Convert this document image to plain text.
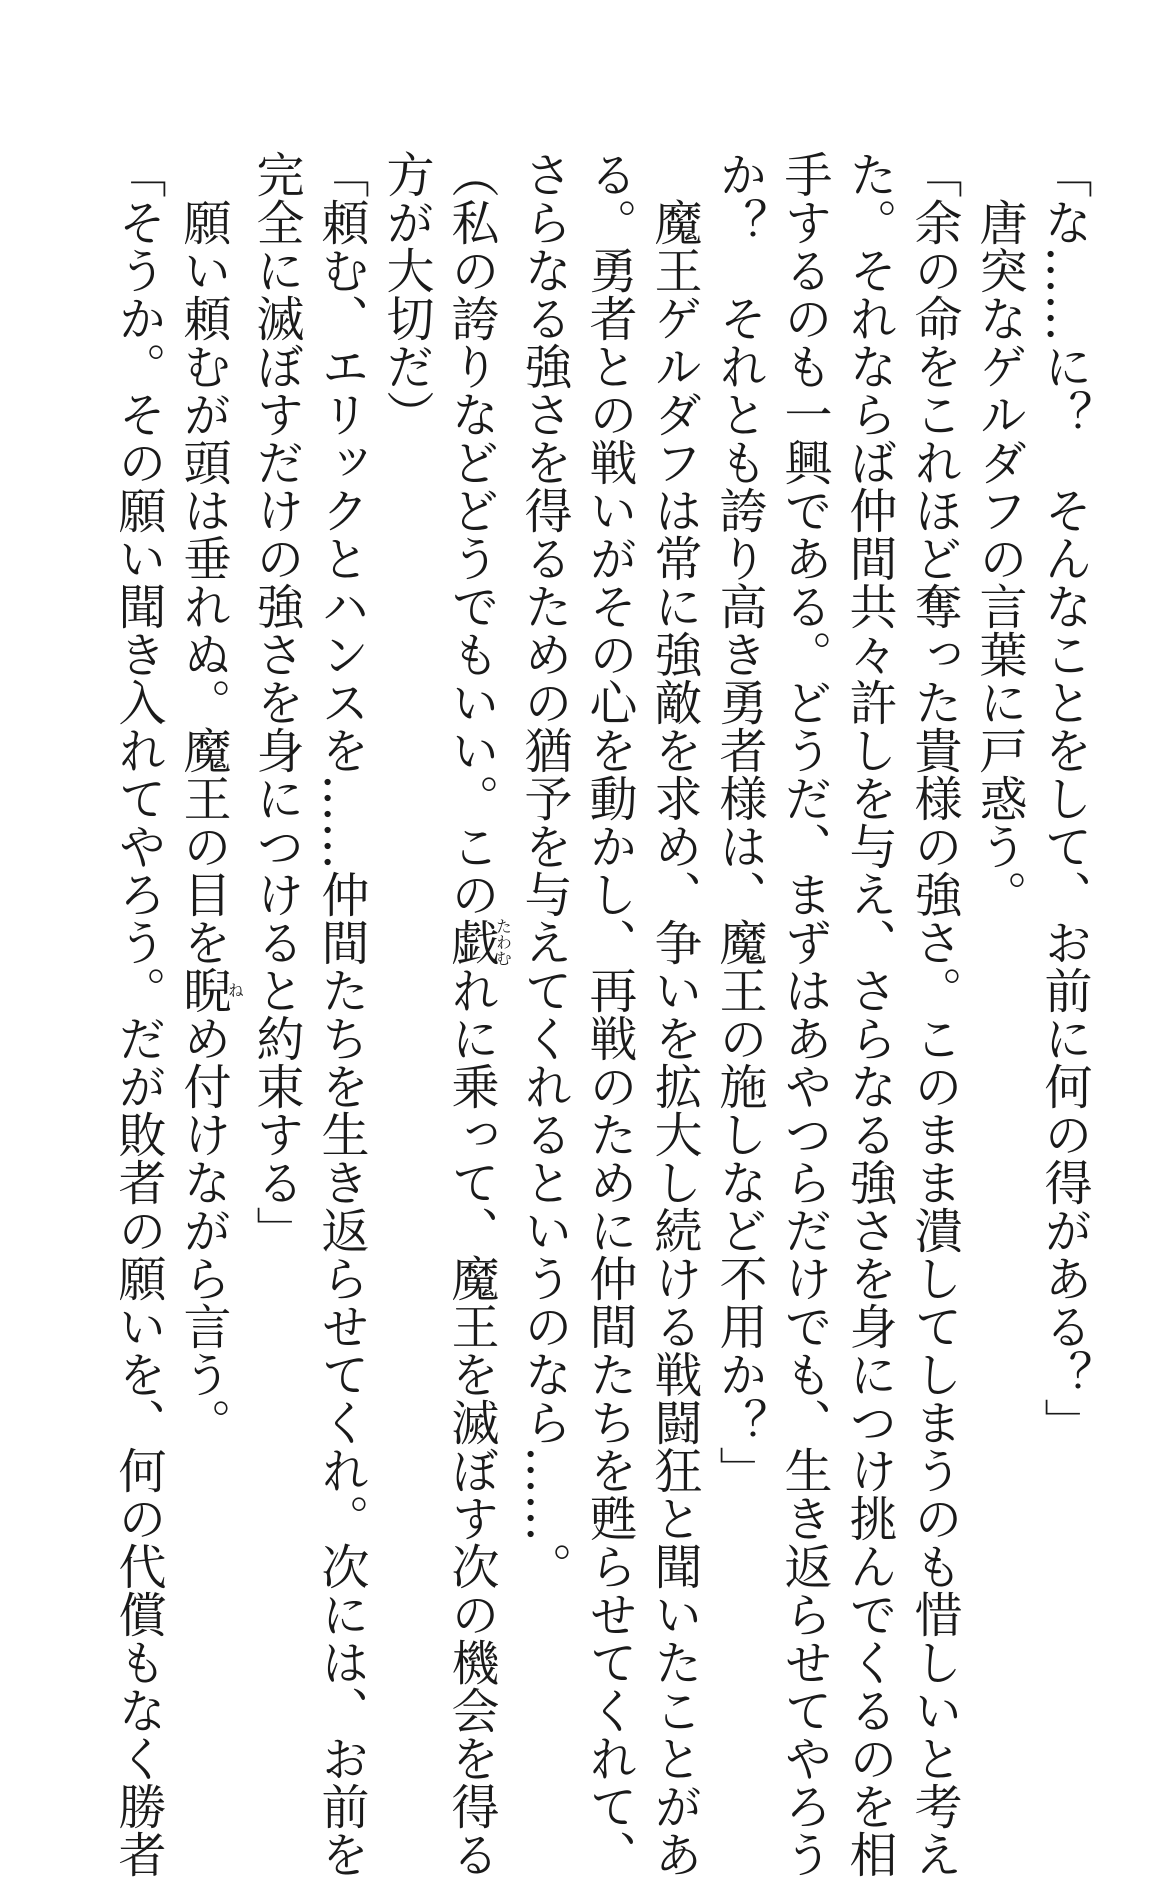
「な……に？　そんなことをして、お前に何の得がある？」
　唐突なゲルダフの言葉に戸惑う。
「余の命をこれほど奪った貴様の強さ。このまま潰してしまうのも惜しいと考え
た。それならば仲間共々許しを与え、さらなる強さを身につけ挑んでくるのを相
手するのも一興である。どうだ、まずはあやつらだけでも、生き返らせてやろう
か？　それとも誇り高き勇者様は、魔王の施しなど不用か？」
　魔王ゲルダフは常に強敵を求め、争いを拡大し続ける戦闘狂と聞いたことがあ
る。勇者との戦いがその心を動かし、再戦のために仲間たちを甦らせてくれて、
さらなる強さを得るための猶予を与えてくれるというのなら……。
（私の誇りなどどうでもいい。この戯たわむれに乗って、魔王を滅ぼす次の機会を得る
方が大切だ）
「頼む、エリックとハンスを……仲間たちを生き返らせてくれ。次には、お前を
完全に滅ぼすだけの強さを身につけると約束する」
　願い頼むが頭は垂れぬ。魔王の目を睨ねめ付けながら言う。
「そうか。その願い聞き入れてやろう。だが敗者の願いを、何の代償もなく勝者
